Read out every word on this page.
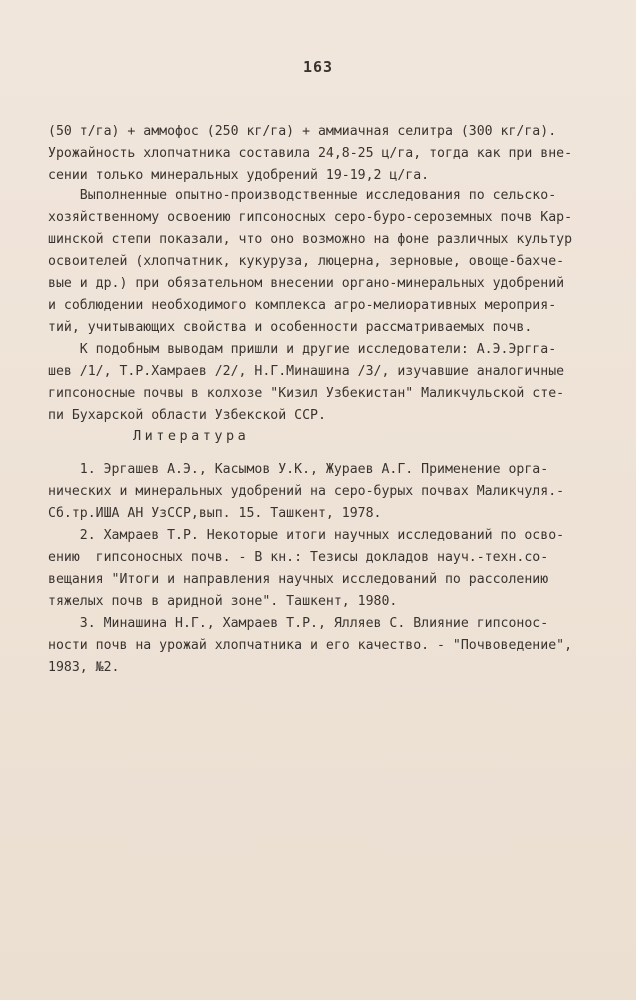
163
(50 т/га) + аммофос (250 кг/га) + аммиачная селитра (300 кг/га).
Урожайность хлопчатника составила 24,8-25 ц/га, тогда как при вне-
сении только минеральных удобрений 19-19,2 ц/га.
Выполненные опытно-производственные исследования по сельско-
хозяйственному освоению гипсоносных серо-буро-сероземных почв Кар-
шинской степи показали, что оно возможно на фоне различных культур
освоителей (хлопчатник, кукуруза, люцерна, зерновые, овоще-бахче-
вые и др.) при обязательном внесении органо-минеральных удобрений
и соблюдении необходимого комплекса агро-мелиоративных мероприя-
тий, учитывающих свойства и особенности рассматриваемых почв.
К подобным выводам пришли и другие исследователи: А.Э.Эргга-
шев /1/, Т.Р.Хамраев /2/, Н.Г.Минашина /3/, изучавшие аналогичные
гипсоносные почвы в колхозе "Кизил Узбекистан" Маликчульской сте-
пи Бухарской области Узбекской ССР.
Литература
1. Эргашев А.Э., Касымов У.К., Жураев А.Г. Применение орга-
нических и минеральных удобрений на серо-бурых почвах Маликчуля.-
Сб.тр.ИША АН УзССР,вып. 15. Ташкент, 1978.
2. Хамраев Т.Р. Некоторые итоги научных исследований по осво-
ению  гипсоносных почв. - В кн.: Тезисы докладов науч.-техн.со-
вещания "Итоги и направления научных исследований по рассолению
тяжелых почв в аридной зоне". Ташкент, 1980.
3. Минашина Н.Г., Хамраев Т.Р., Ялляев С. Влияние гипсонос-
ности почв на урожай хлопчатника и его качество. - "Почвоведение",
1983, №2.
